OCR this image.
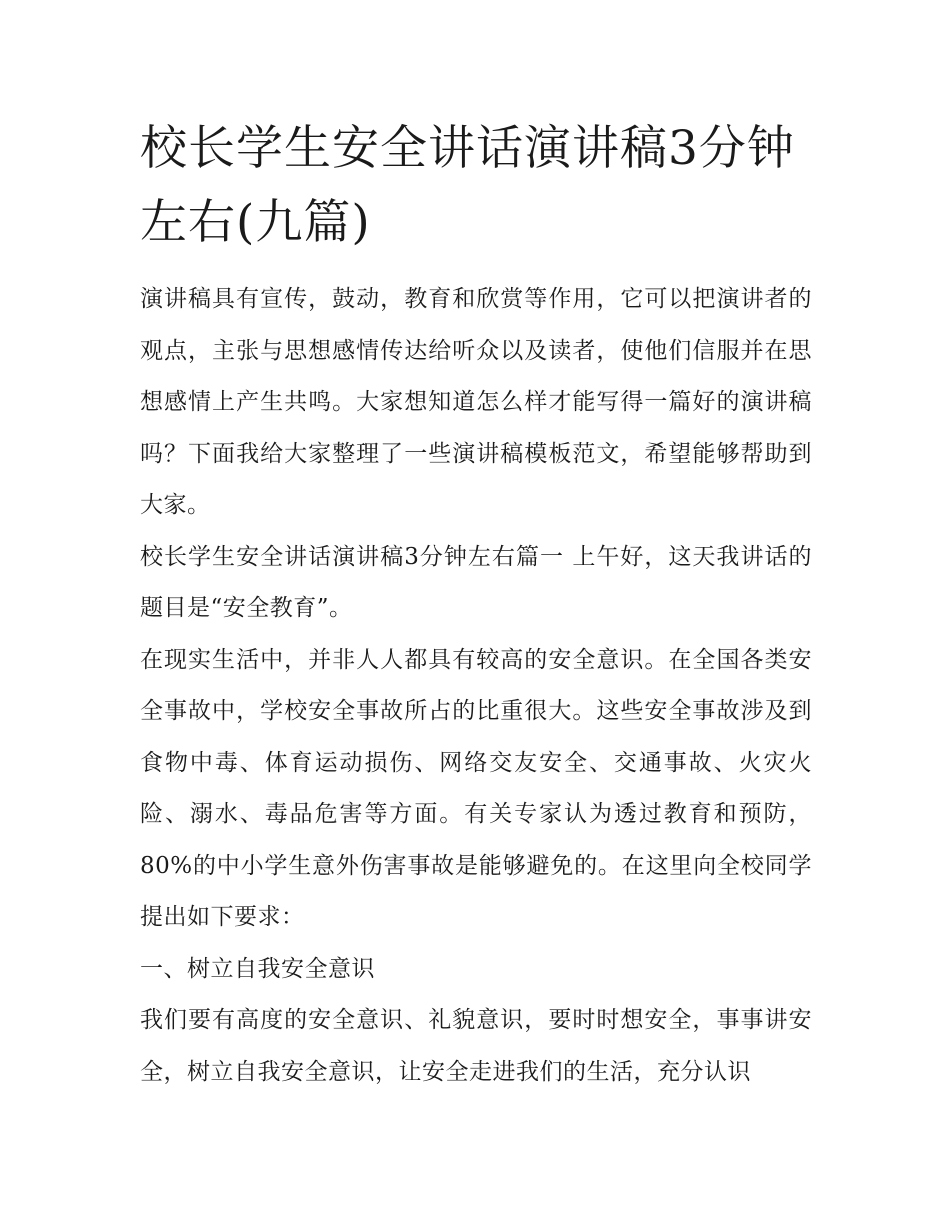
校长学生安全讲话演讲稿3分钟左右(九篇)

演讲稿具有宣传，鼓动，教育和欣赏等作用，它可以把演讲者的观点，主张与思想感情传达给听众以及读者，使他们信服并在思想感情上产生共鸣。大家想知道怎么样才能写得一篇好的演讲稿吗？下面我给大家整理了一些演讲稿模板范文，希望能够帮助到大家。

校长学生安全讲话演讲稿3分钟左右篇一 上午好，这天我讲话的题目是“安全教育”。

在现实生活中，并非人人都具有较高的安全意识。在全国各类安全事故中，学校安全事故所占的比重很大。这些安全事故涉及到食物中毒、体育运动损伤、网络交友安全、交通事故、火灾火险、溺水、毒品危害等方面。有关专家认为透过教育和预防，80%的中小学生意外伤害事故是能够避免的。在这里向全校同学提出如下要求：

一、树立自我安全意识

我们要有高度的安全意识、礼貌意识，要时时想安全，事事讲安全，树立自我安全意识，让安全走进我们的生活，充分认识
